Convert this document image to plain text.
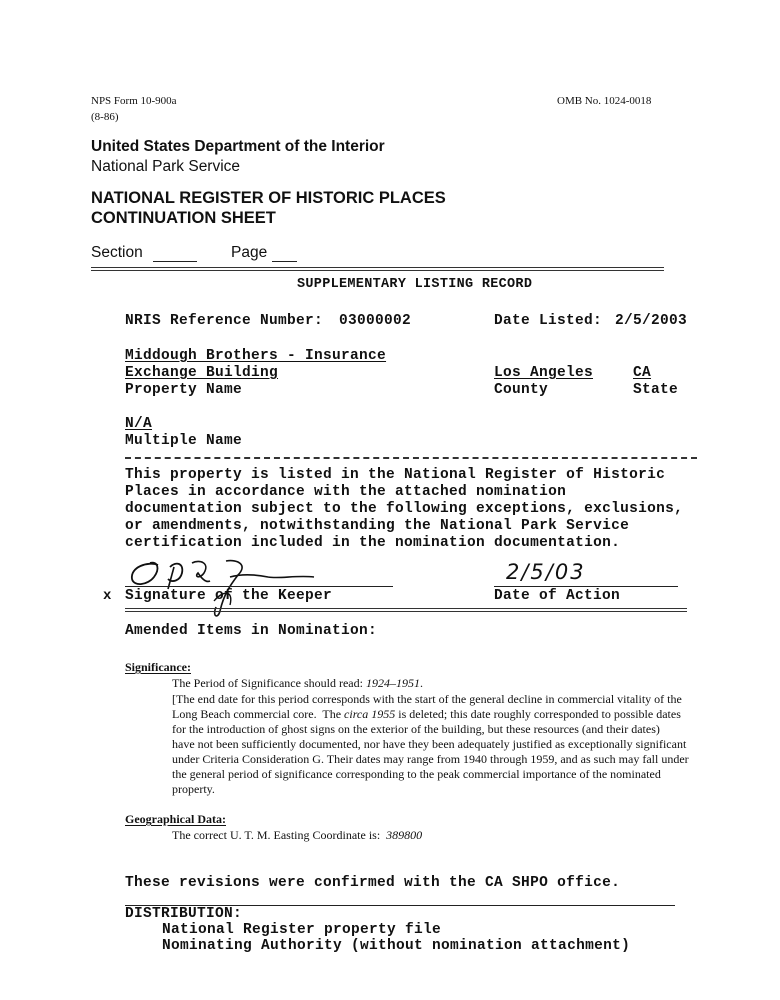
NPS Form 10-900a
(8-86)
OMB No. 1024-0018
United States Department of the Interior
National Park Service
NATIONAL REGISTER OF HISTORIC PLACES
CONTINUATION SHEET
Section	Page
SUPPLEMENTARY LISTING RECORD
NRIS Reference Number: 03000002	Date Listed: 2/5/2003
Middough Brothers - Insurance
Exchange Building
Property Name
Los Angeles
County
CA
State
N/A
Multiple Name
This property is listed in the National Register of Historic
Places in accordance with the attached nomination
documentation subject to the following exceptions, exclusions,
or amendments, notwithstanding the National Park Service
certification included in the nomination documentation.
x Signature of the Keeper
2/5/03
Date of Action
Amended Items in Nomination:
Significance:
The Period of Significance should read: 1924–1951.
[The end date for this period corresponds with the start of the general decline in commercial vitality of the
Long Beach commercial core.  The circa 1955 is deleted; this date roughly corresponded to possible dates
for the introduction of ghost signs on the exterior of the building, but these resources (and their dates)
have not been sufficiently documented, nor have they been adequately justified as exceptionally significant
under Criteria Consideration G. Their dates may range from 1940 through 1959, and as such may fall under
the general period of significance corresponding to the peak commercial importance of the nominated
property.
Geographical Data:
The correct U. T. M. Easting Coordinate is: 389800
These revisions were confirmed with the CA SHPO office.
DISTRIBUTION:
National Register property file
Nominating Authority (without nomination attachment)
